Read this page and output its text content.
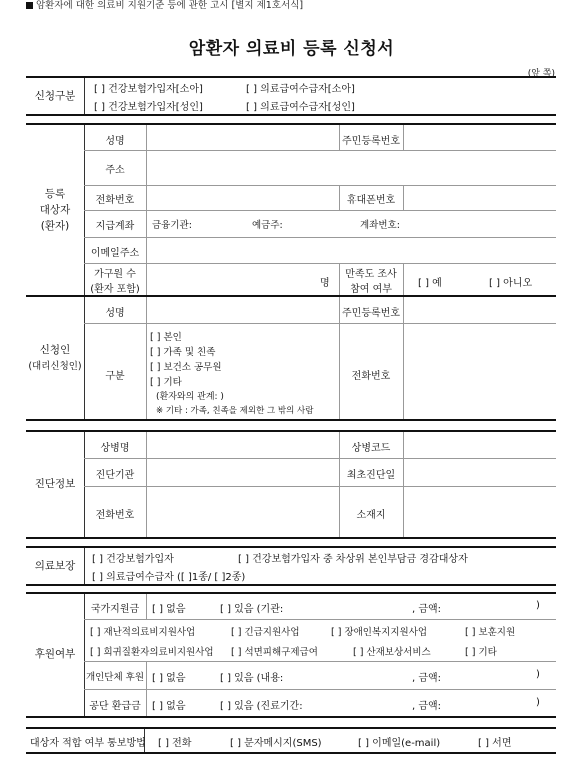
암환자에 대한 의료비 지원기준 등에 관한 고시 [별지 제1호서식]
암환자 의료비 등록 신청서
(앞 쪽)
신청구분
[ ] 건강보험가입자[소아]	[ ] 의료급여수급자[소아]
[ ] 건강보험가입자[성인]	[ ] 의료급여수급자[성인]
등록
대상자
(환자)
성명	주민등록번호
주소
전화번호	휴대폰번호
지급계좌 금융기관:	예금주:	계좌번호:
이메일주소
가구원 수
(환자 포함)
명
만족도 조사
참여 여부
[ ] 예	[ ] 아니오
신청인
(대리신청인)
성명	주민등록번호
구분
[ ] 본인
[ ] 가족 및 친족
[ ] 보건소 공무원
[ ] 기타
(환자와의 관계: )
※ 기타 : 가족, 친족을 제외한 그 밖의 사람
전화번호
진단정보
상병명	상병코드
진단기관	최초진단일
전화번호	소재지
의료보장
[ ] 건강보험가입자	[ ] 건강보험가입자 중 차상위 본인부담금 경감대상자
[ ] 의료급여수급자 ([ ]1종/ [ ]2종)
후원여부
국가지원금 [ ] 없음	[ ] 있음 (기관:	, 금액:	)
[ ] 재난적의료비지원사업	[ ] 긴급지원사업	[ ] 장애인복지지원사업	[ ] 보훈지원
[ ] 희귀질환자의료비지원사업 [ ] 석면피해구제급여	[ ] 산재보상서비스	[ ] 기타
개인단체 후원 [ ] 없음	[ ] 있음 (내용:	, 금액:	)
공단 환급금 [ ] 없음	[ ] 있음 (진료기간:	, 금액:	)
대상자 적합 여부 통보방법 [ ] 전화	[ ] 문자메시지(SMS)	[ ] 이메일(e-mail)	[ ] 서면
